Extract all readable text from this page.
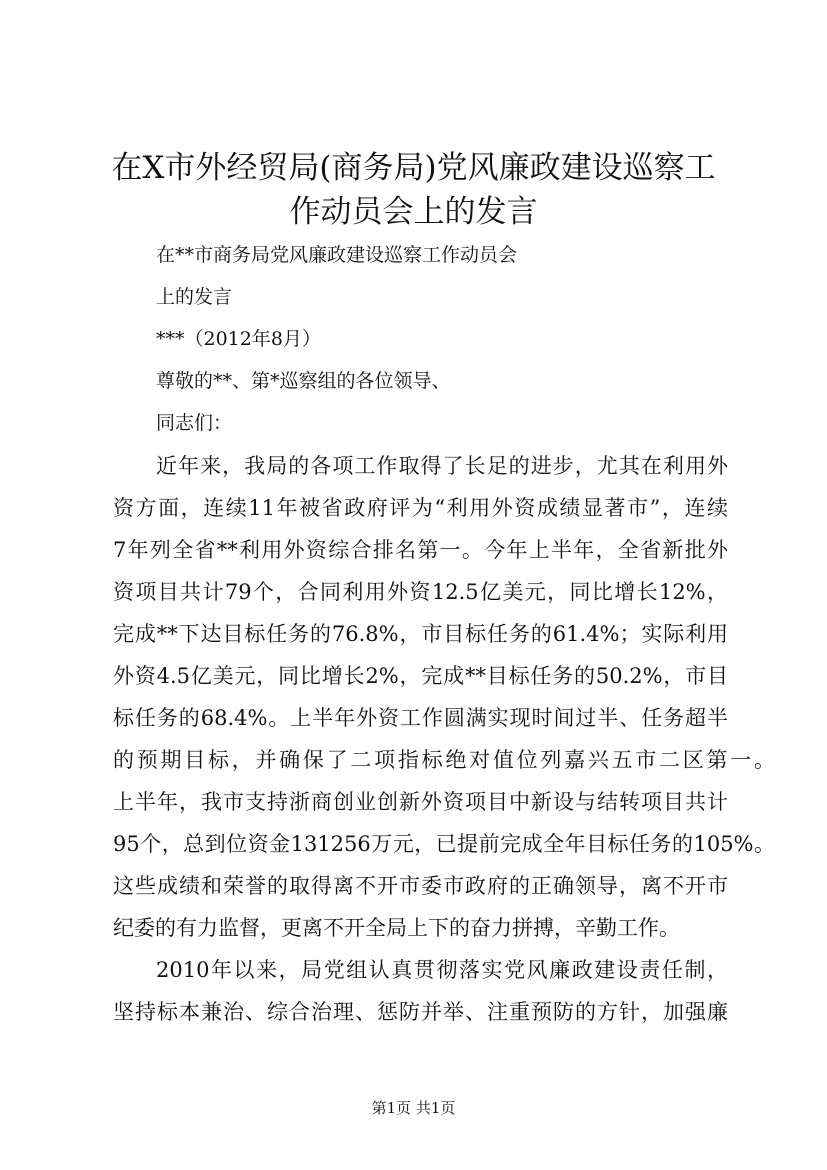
在X市外经贸局(商务局)党风廉政建设巡察工
作动员会上的发言

在**市商务局党风廉政建设巡察工作动员会

上的发言

***（2012年8月）

尊敬的**、第*巡察组的各位领导、

同志们：

近年来，我局的各项工作取得了长足的进步，尤其在利用外

资方面，连续11年被省政府评为“利用外资成绩显著市”，连续

7年列全省**利用外资综合排名第一。今年上半年，全省新批外

资项目共计79个，合同利用外资12.5亿美元，同比增长12%，

完成**下达目标任务的76.8%，市目标任务的61.4%；实际利用

外资4.5亿美元，同比增长2%，完成**目标任务的50.2%，市目

标任务的68.4%。上半年外资工作圆满实现时间过半、任务超半

的预期目标，并确保了二项指标绝对值位列嘉兴五市二区第一。

上半年，我市支持浙商创业创新外资项目中新设与结转项目共计

95个，总到位资金131256万元，已提前完成全年目标任务的105%。

这些成绩和荣誉的取得离不开市委市政府的正确领导，离不开市

纪委的有力监督，更离不开全局上下的奋力拼搏，辛勤工作。

2010年以来，局党组认真贯彻落实党风廉政建设责任制，

坚持标本兼治、综合治理、惩防并举、注重预防的方针，加强廉

第1页 共1页
